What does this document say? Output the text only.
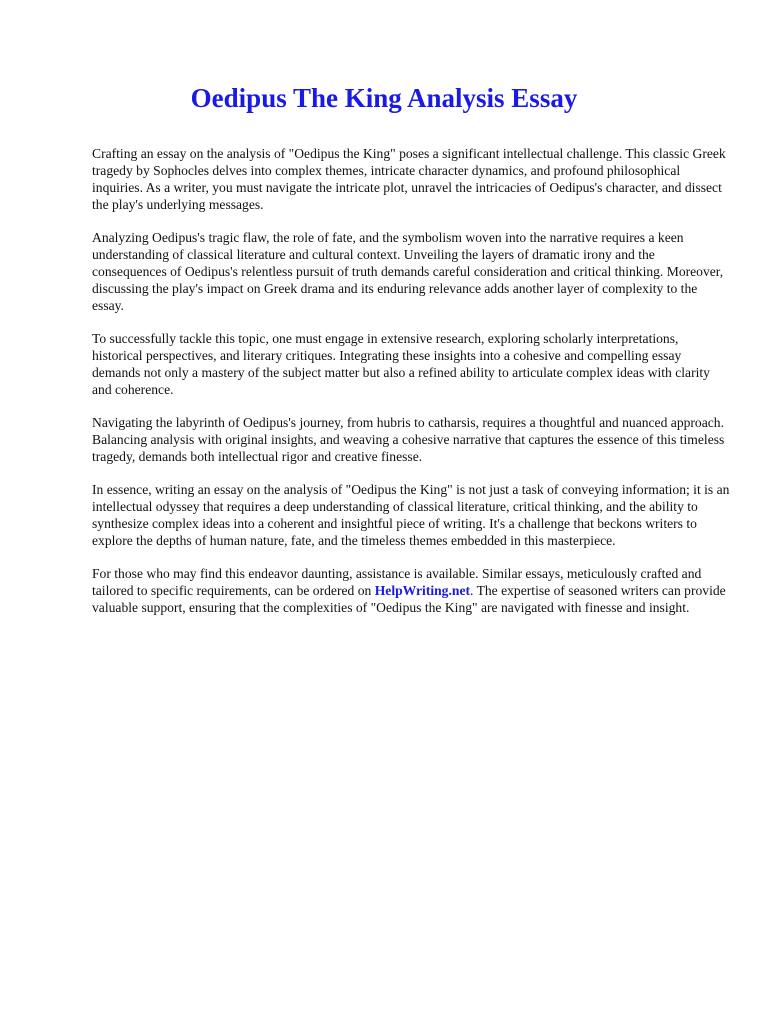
Oedipus The King Analysis Essay

Crafting an essay on the analysis of "Oedipus the King" poses a significant intellectual challenge. This classic Greek tragedy by Sophocles delves into complex themes, intricate character dynamics, and profound philosophical inquiries. As a writer, you must navigate the intricate plot, unravel the intricacies of Oedipus's character, and dissect the play's underlying messages.

Analyzing Oedipus's tragic flaw, the role of fate, and the symbolism woven into the narrative requires a keen understanding of classical literature and cultural context. Unveiling the layers of dramatic irony and the consequences of Oedipus's relentless pursuit of truth demands careful consideration and critical thinking. Moreover, discussing the play's impact on Greek drama and its enduring relevance adds another layer of complexity to the essay.

To successfully tackle this topic, one must engage in extensive research, exploring scholarly interpretations, historical perspectives, and literary critiques. Integrating these insights into a cohesive and compelling essay demands not only a mastery of the subject matter but also a refined ability to articulate complex ideas with clarity and coherence.

Navigating the labyrinth of Oedipus's journey, from hubris to catharsis, requires a thoughtful and nuanced approach. Balancing analysis with original insights, and weaving a cohesive narrative that captures the essence of this timeless tragedy, demands both intellectual rigor and creative finesse.

In essence, writing an essay on the analysis of "Oedipus the King" is not just a task of conveying information; it is an intellectual odyssey that requires a deep understanding of classical literature, critical thinking, and the ability to synthesize complex ideas into a coherent and insightful piece of writing. It's a challenge that beckons writers to explore the depths of human nature, fate, and the timeless themes embedded in this masterpiece.

For those who may find this endeavor daunting, assistance is available. Similar essays, meticulously crafted and tailored to specific requirements, can be ordered on HelpWriting.net. The expertise of seasoned writers can provide valuable support, ensuring that the complexities of "Oedipus the King" are navigated with finesse and insight.
